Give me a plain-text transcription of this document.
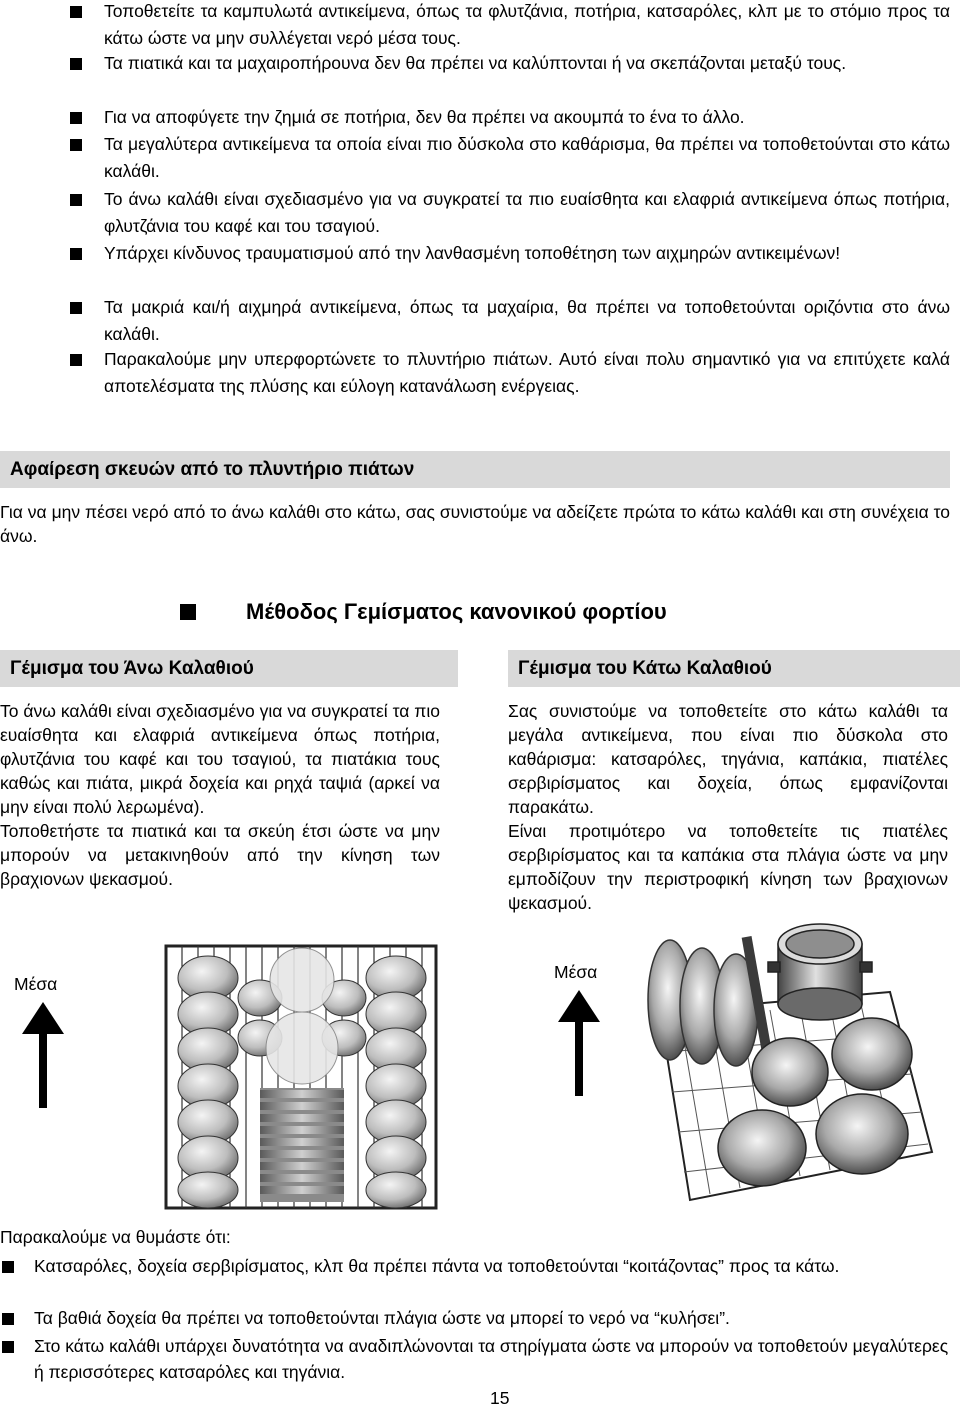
Τοποθετείτε τα καμπυλωτά αντικείμενα, όπως τα φλυτζάνια, ποτήρια, κατσαρόλες, κλπ με το στόμιο προς τα κάτω ώστε να μην συλλέγεται νερό μέσα τους.
Τα πιατικά και τα μαχαιροπήρουνα δεν θα πρέπει να καλύπτονται ή να σκεπάζονται μεταξύ τους.
Για να αποφύγετε την ζημιά σε ποτήρια, δεν θα πρέπει να ακουμπά το ένα το άλλο.
Τα μεγαλύτερα αντικείμενα τα οποία είναι πιο δύσκολα στο καθάρισμα, θα πρέπει να τοποθετούνται στο κάτω καλάθι.
Το άνω καλάθι είναι σχεδιασμένο για να συγκρατεί τα πιο ευαίσθητα και ελαφριά αντικείμενα όπως ποτήρια, φλυτζάνια του καφέ και του τσαγιού.
Υπάρχει κίνδυνος τραυματισμού από την λανθασμένη τοποθέτηση των αιχμηρών αντικειμένων!
Τα μακριά και/ή αιχμηρά αντικείμενα, όπως τα μαχαίρια, θα πρέπει να τοποθετούνται οριζόντια στο άνω καλάθι.
Παρακαλούμε μην υπερφορτώνετε το πλυντήριο πιάτων. Αυτό είναι πολυ σημαντικό για να επιτύχετε καλά αποτελέσματα της πλύσης και εύλογη κατανάλωση ενέργειας.
Αφαίρεση σκευών από το πλυντήριο πιάτων
Για να μην πέσει νερό από το άνω καλάθι στο κάτω, σας συνιστούμε να αδείζετε πρώτα το κάτω καλάθι και στη συνέχεια το άνω.
Μέθοδος Γεμίσματος κανονικού φορτίου
Γέμισμα του Άνω Καλαθιού	Γέμισμα του Κάτω Καλαθιού
Το άνω καλάθι είναι σχεδιασμένο για να συγκρατεί τα πιο ευαίσθητα και ελαφριά αντικείμενα όπως ποτήρια, φλυτζάνια του καφέ και του τσαγιού, τα πιατάκια τους καθώς και πιάτα, μικρά δοχεία και ρηχά ταψιά (αρκεί να μην είναι πολύ λερωμένα).
Τοποθετήστε τα πιατικά και τα σκεύη έτσι ώστε να μην μπορούν να μετακινηθούν από την κίνηση των βραχιονων ψεκασμού.
Σας συνιστούμε να τοποθετείτε στο κάτω καλάθι τα μεγάλα αντικείμενα, που είναι πιο δύσκολα στο καθάρισμα: κατσαρόλες, τηγάνια, καπάκια, πιατέλες σερβιρίσματος και δοχεία, όπως εμφανίζονται παρακάτω.
Είναι προτιμότερο να τοποθετείτε τις πιατέλες σερβιρίσματος και τα καπάκια στα πλάγια ώστε να μην εμποδίζουν την περιστροφική κίνηση των βραχιονων ψεκασμού.
Μέσα
Μέσα
Παρακαλούμε να θυμάστε ότι:
Κατσαρόλες, δοχεία σερβιρίσματος, κλπ θα πρέπει πάντα να τοποθετούνται “κοιτάζοντας” προς τα κάτω.
Τα βαθιά δοχεία θα πρέπει να τοποθετούνται πλάγια ώστε να μπορεί το νερό να “κυλήσει”.
Στο κάτω καλάθι υπάρχει δυνατότητα να αναδιπλώνονται τα στηρίγματα ώστε να μπορούν να τοποθετούν μεγαλύτερες ή περισσότερες κατσαρόλες και τηγάνια.
15
